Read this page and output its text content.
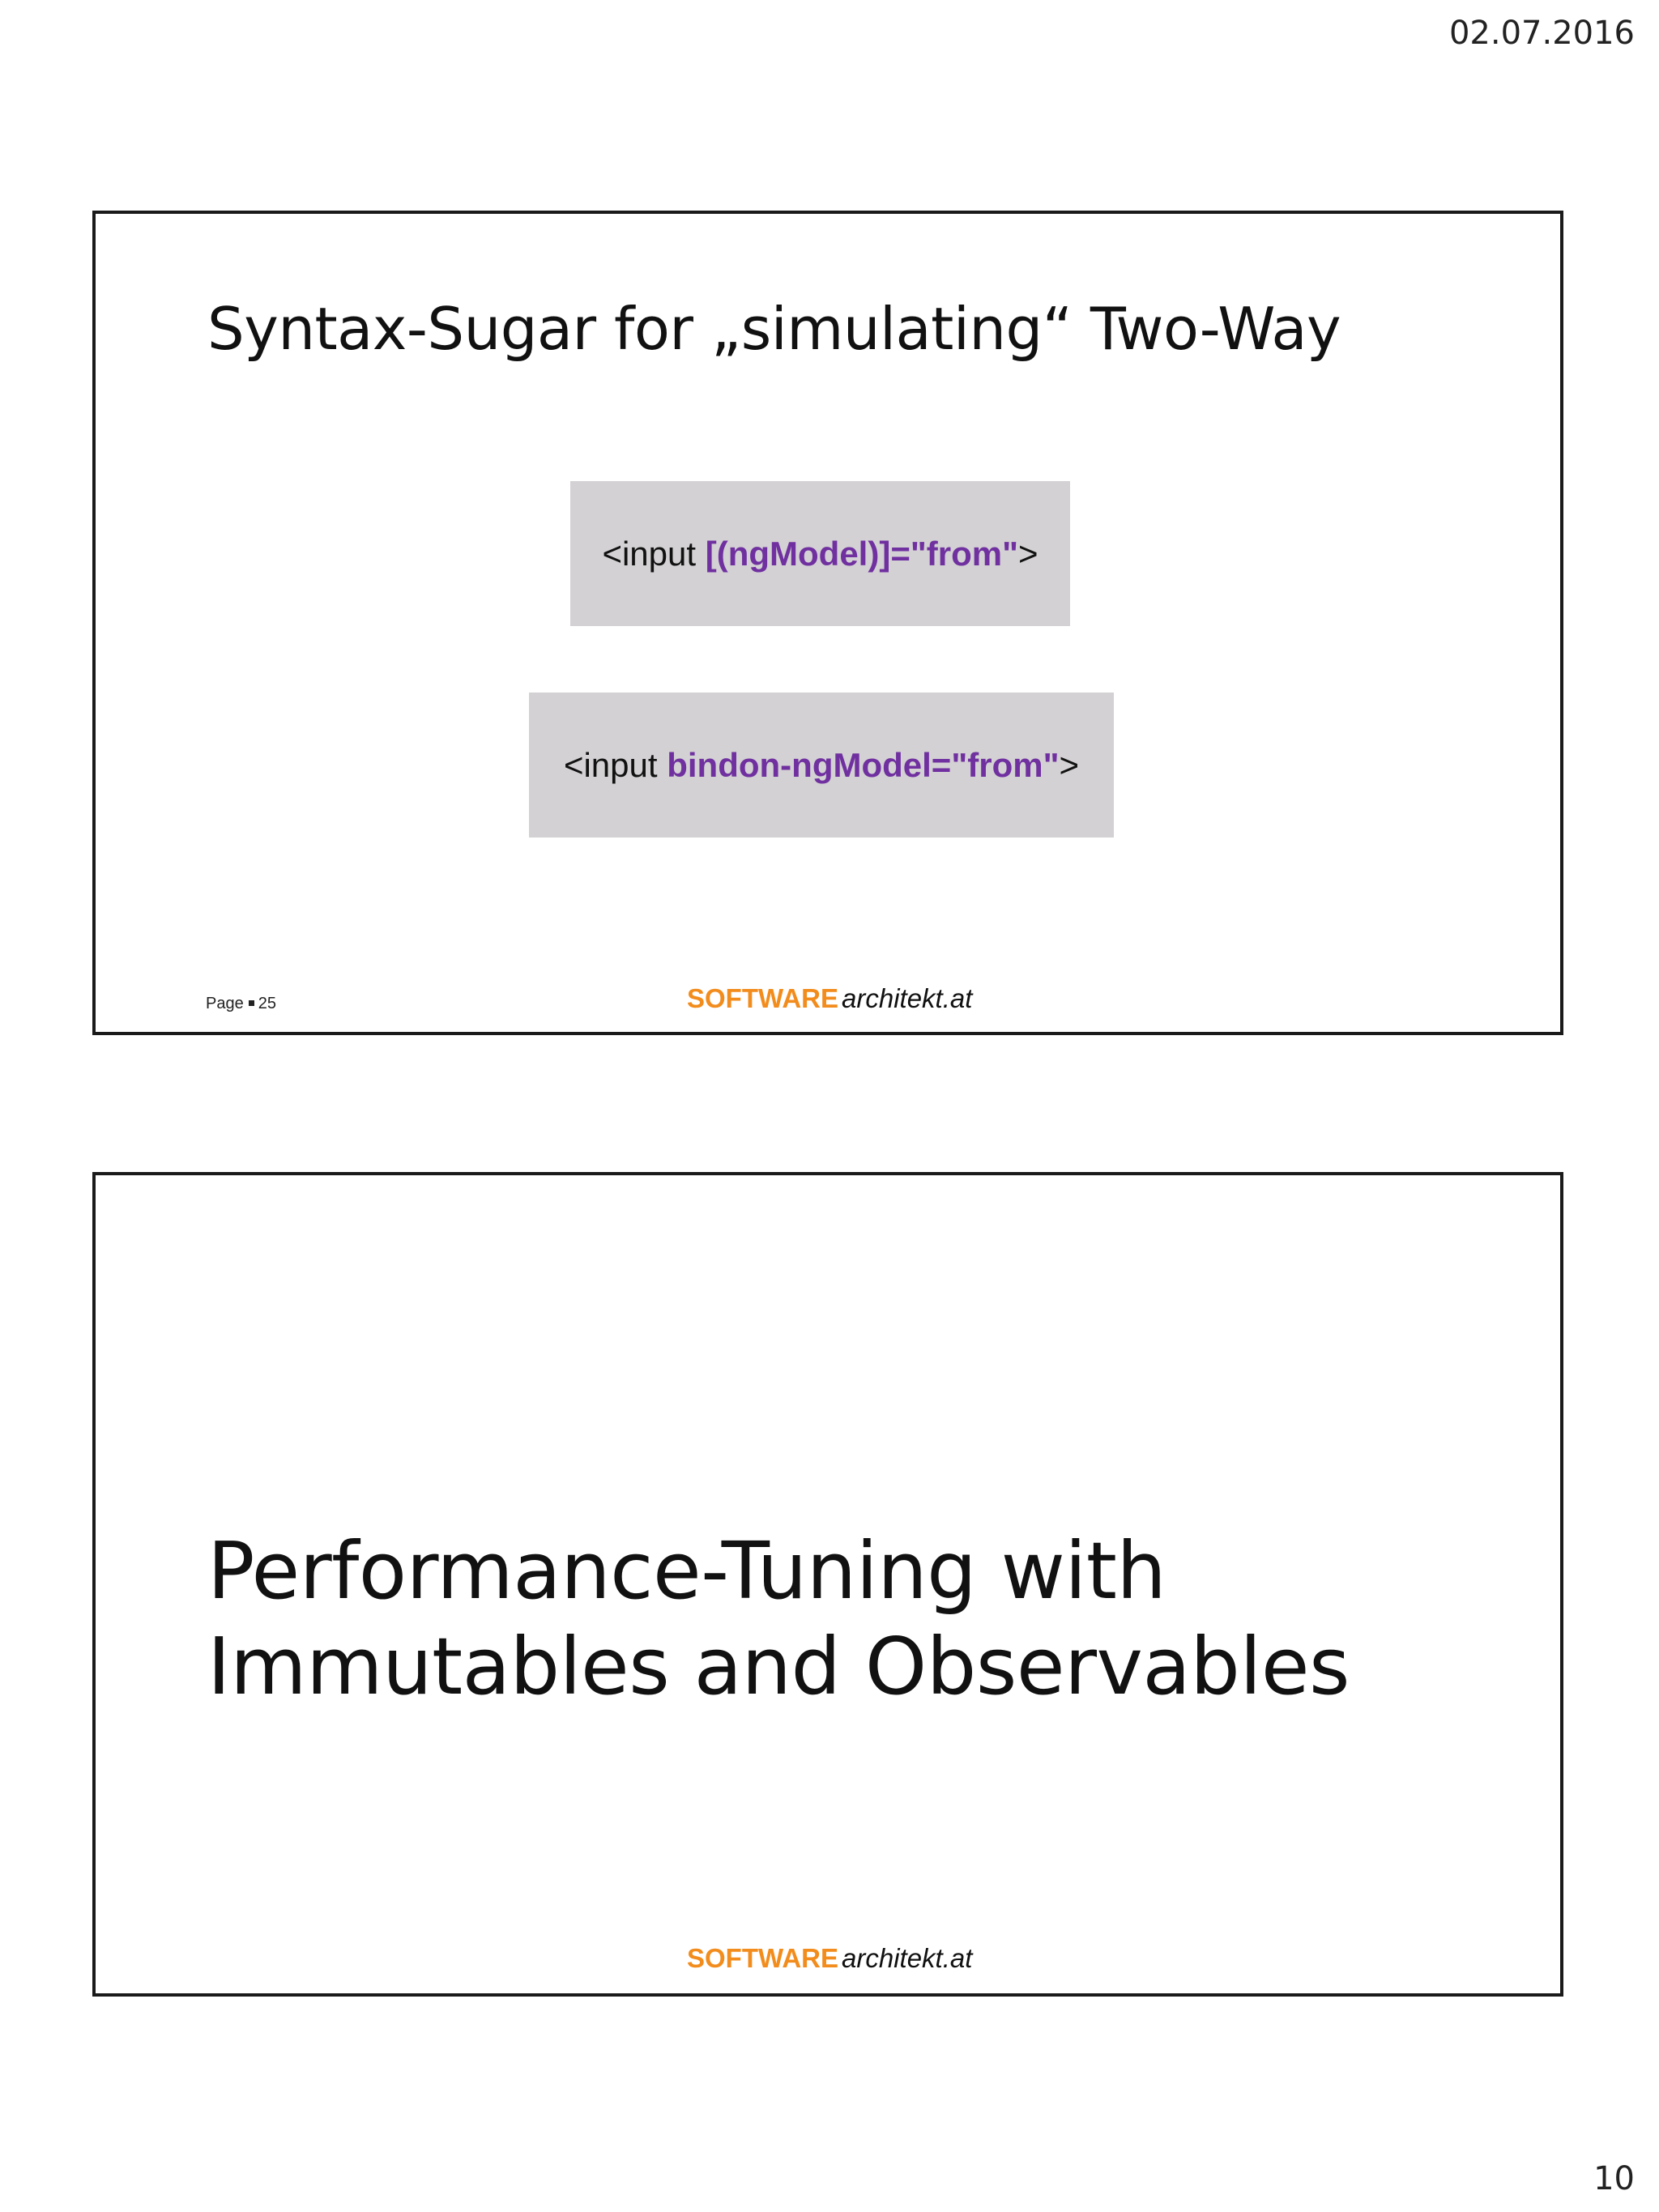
02.07.2016
Syntax-Sugar for „simulating“ Two-Way
<input [(ngModel)]="from" >
<input bindon-ngModel="from" >
Page 25	SOFTWARE architekt.at
Performance-Tuning with
Immutables and Observables
SOFTWARE architekt.at
10
